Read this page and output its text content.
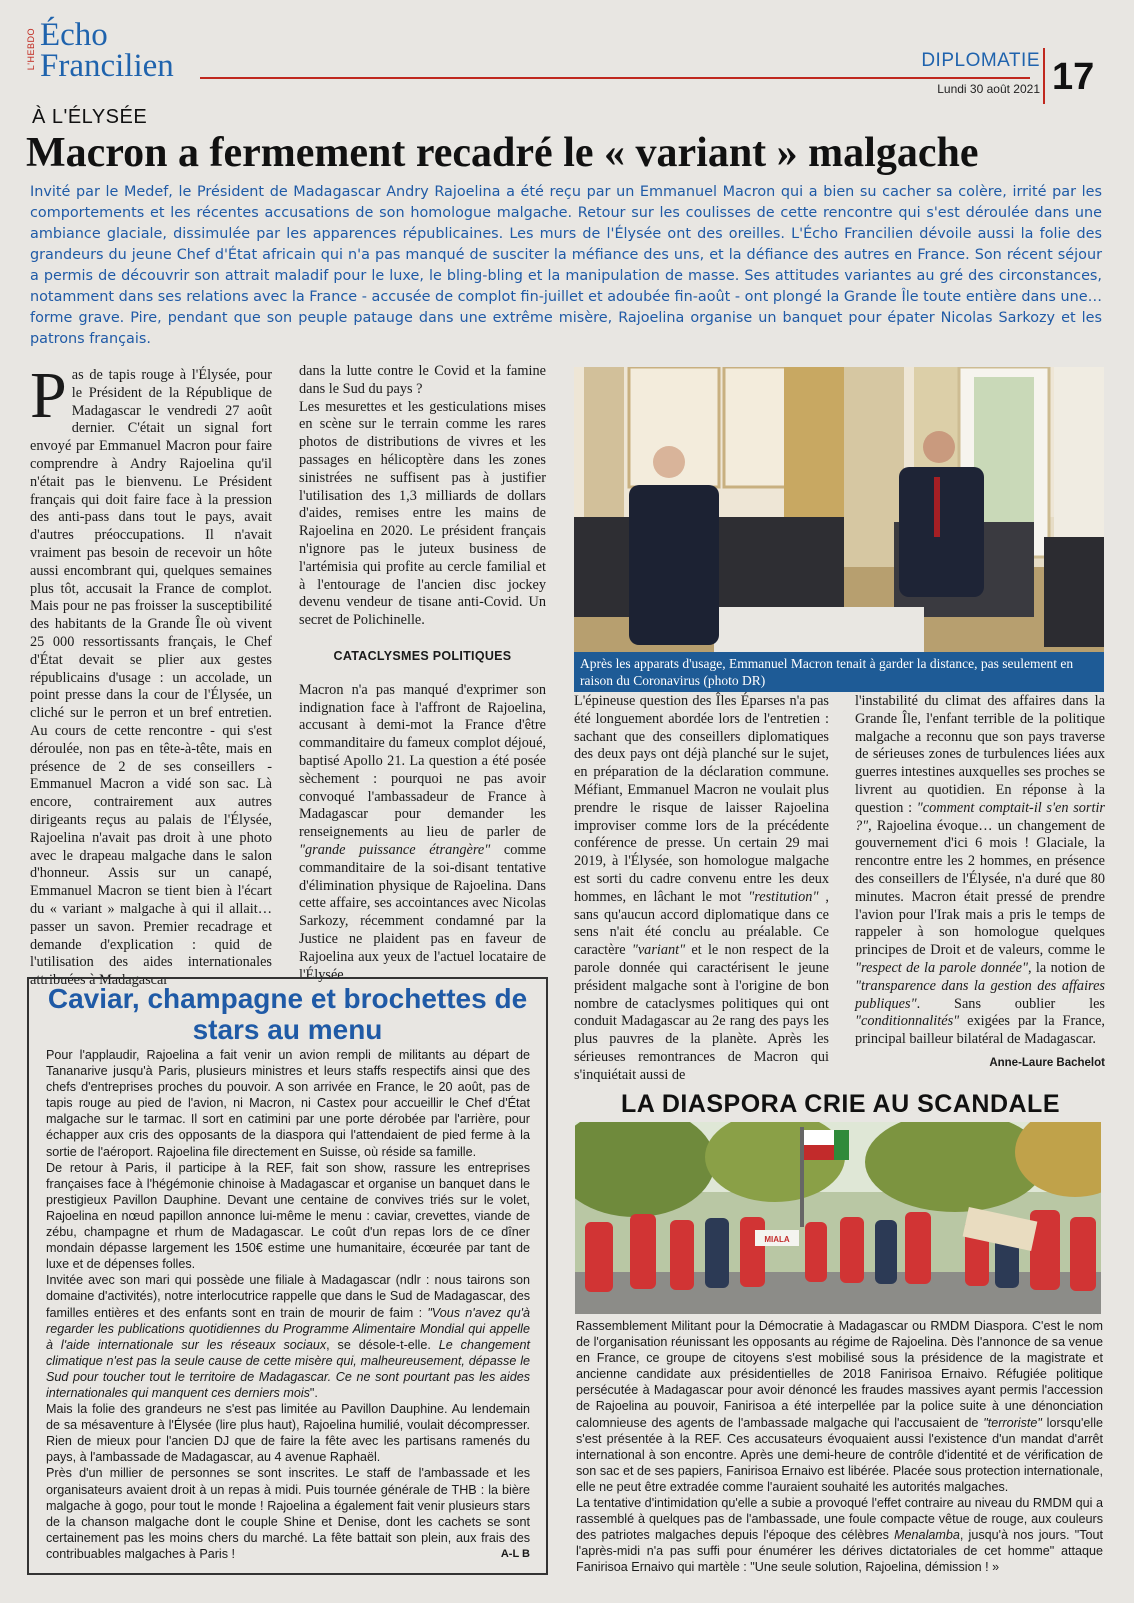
L'HEBDO Écho
Francilien	DIPLOMATIE
Lundi 30 août 2021 17
À L'ÉLYSÉE
Macron a fermement recadré le « variant » malgache
Invité par le Medef, le Président de Madagascar Andry Rajoelina a été reçu par un Emmanuel Macron qui a bien su cacher sa colère, irrité par les comportements et les récentes accusations de son homologue malgache. Retour sur les coulisses de cette rencontre qui s'est déroulée dans une ambiance glaciale, dissimulée par les apparences républicaines. Les murs de l'Élysée ont des oreilles. L'Écho Francilien dévoile aussi la folie des grandeurs du jeune Chef d'État africain qui n'a pas manqué de susciter la méfiance des uns, et la défiance des autres en France. Son récent séjour a permis de découvrir son attrait maladif pour le luxe, le bling-bling et la manipulation de masse. Ses attitudes variantes au gré des circonstances, notamment dans ses relations avec la France - accusée de complot fin-juillet et adoubée fin-août - ont plongé la Grande Île toute entière dans une… forme grave. Pire, pendant que son peuple patauge dans une extrême misère, Rajoelina organise un banquet pour épater Nicolas Sarkozy et les patrons français.
Pas de tapis rouge à l'Élysée, pour le Président de la République de Madagascar le vendredi 27 août dernier. C'était un signal fort envoyé par Emmanuel Macron pour faire comprendre à Andry Rajoelina qu'il n'était pas le bienvenu. Le Président français qui doit faire face à la pression des anti-pass dans tout le pays, avait d'autres préoccupations. Il n'avait vraiment pas besoin de recevoir un hôte aussi encombrant qui, quelques semaines plus tôt, accusait la France de complot. Mais pour ne pas froisser la susceptibilité des habitants de la Grande Île où vivent 25 000 ressortissants français, le Chef d'État devait se plier aux gestes républicains d'usage : un accolade, un point presse dans la cour de l'Élysée, un cliché sur le perron et un bref entretien. Au cours de cette rencontre - qui s'est déroulée, non pas en tête-à-tête, mais en présence de 2 de ses conseillers - Emmanuel Macron a vidé son sac. Là encore, contrairement aux autres dirigeants reçus au palais de l'Élysée, Rajoelina n'avait pas droit à une photo avec le drapeau malgache dans le salon d'honneur. Assis sur un canapé, Emmanuel Macron se tient bien à l'écart du « variant » malgache à qui il allait… passer un savon. Premier recadrage et demande d'explication : quid de l'utilisation des aides internationales attribuées à Madagascar

dans la lutte contre le Covid et la famine dans le Sud du pays ?

Les mesurettes et les gesticulations mises en scène sur le terrain comme les rares photos de distributions de vivres et les passages en hélicoptère dans les zones sinistrées ne suffisent pas à justifier l'utilisation des 1,3 milliards de dollars d'aides, remises entre les mains de Rajoelina en 2020. Le président français n'ignore pas le juteux business de l'artémisia qui profite au cercle familial et à l'entourage de l'ancien disc jockey devenu vendeur de tisane anti-Covid. Un secret de Polichinelle.

CATACLYSMES POLITIQUES

Macron n'a pas manqué d'exprimer son indignation face à l'affront de Rajoelina, accusant à demi-mot la France d'être commanditaire du fameux complot déjoué, baptisé Apollo 21. La question a été posée sèchement : pourquoi ne pas avoir convoqué l'ambassadeur de France à Madagascar pour demander les renseignements au lieu de parler de "grande puissance étrangère" comme commanditaire de la soi-disant tentative d'élimination physique de Rajoelina. Dans cette affaire, ses accointances avec Nicolas Sarkozy, récemment condamné par la Justice ne plaident pas en faveur de Rajoelina aux yeux de l'actuel locataire de l'Élysée.

Après les apparats d'usage, Emmanuel Macron tenait à garder la distance, pas seulement en raison du Coronavirus (photo DR)

L'épineuse question des Îles Éparses n'a pas été longuement abordée lors de l'entretien : sachant que des conseillers diplomatiques des deux pays ont déjà planché sur le sujet, en préparation de la déclaration commune. Méfiant, Emmanuel Macron ne voulait plus prendre le risque de laisser Rajoelina improviser comme lors de la précédente conférence de presse. Un certain 29 mai 2019, à l'Élysée, son homologue malgache est sorti du cadre convenu entre les deux hommes, en lâchant le mot "restitution" , sans qu'aucun accord diplomatique dans ce sens n'ait été conclu au préalable. Ce caractère "variant" et le non respect de la parole donnée qui caractérisent le jeune président malgache sont à l'origine de bon nombre de cataclysmes politiques qui ont conduit Madagascar au 2e rang des pays les plus pauvres de la planète. Après les sérieuses remontrances de Macron qui s'inquiétait aussi de

l'instabilité du climat des affaires dans la Grande Île, l'enfant terrible de la politique malgache a reconnu que son pays traverse de sérieuses zones de turbulences liées aux guerres intestines auxquelles ses proches se livrent au quotidien. En réponse à la question : "comment comptait-il s'en sortir ?", Rajoelina évoque… un changement de gouvernement d'ici 6 mois ! Glaciale, la rencontre entre les 2 hommes, en présence des conseillers de l'Élysée, n'a duré que 80 minutes. Macron était pressé de prendre l'avion pour l'Irak mais a pris le temps de rappeler à son homologue quelques principes de Droit et de valeurs, comme le "respect de la parole donnée", la notion de "transparence dans la gestion des affaires publiques". Sans oublier les "conditionnalités" exigées par la France, principal bailleur bilatéral de Madagascar.

Anne-Laure Bachelot
Caviar, champagne et brochettes de stars au menu

Pour l'applaudir, Rajoelina a fait venir un avion rempli de militants au départ de Tananarive jusqu'à Paris, plusieurs ministres et leurs staffs respectifs ainsi que des chefs d'entreprises proches du pouvoir. A son arrivée en France, le 20 août, pas de tapis rouge au pied de l'avion, ni Macron, ni Castex pour accueillir le Chef d'État malgache sur le tarmac. Il sort en catimini par une porte dérobée par l'arrière, pour échapper aux cris des opposants de la diaspora qui l'attendaient de pied ferme à la sortie de l'aéroport. Rajoelina file directement en Suisse, où réside sa famille.

De retour à Paris, il participe à la REF, fait son show, rassure les entreprises françaises face à l'hégémonie chinoise à Madagascar et organise un banquet dans le prestigieux Pavillon Dauphine. Devant une centaine de convives triés sur le volet, Rajoelina en nœud papillon annonce lui-même le menu : caviar, crevettes, viande de zébu, champagne et rhum de Madagascar. Le coût d'un repas lors de ce dîner mondain dépasse largement les 150€ estime une humanitaire, écœurée par tant de luxe et de dépenses folles.

Invitée avec son mari qui possède une filiale à Madagascar (ndlr : nous tairons son domaine d'activités), notre interlocutrice rappelle que dans le Sud de Madagascar, des familles entières et des enfants sont en train de mourir de faim : "Vous n'avez qu'à regarder les publications quotidiennes du Programme Alimentaire Mondial qui appelle à l'aide internationale sur les réseaux sociaux, se désole-t-elle. Le changement climatique n'est pas la seule cause de cette misère qui, malheureusement, dépasse le Sud pour toucher tout le territoire de Madagascar. Ce ne sont pourtant pas les aides internationales qui manquent ces derniers mois".

Mais la folie des grandeurs ne s'est pas limitée au Pavillon Dauphine. Au lendemain de sa mésaventure à l'Élysée (lire plus haut), Rajoelina humilié, voulait décompresser. Rien de mieux pour l'ancien DJ que de faire la fête avec les partisans ramenés du pays, à l'ambassade de Madagascar, au 4 avenue Raphaël.

Près d'un millier de personnes se sont inscrites. Le staff de l'ambassade et les organisateurs avaient droit à un repas à midi. Puis tournée générale de THB : la bière malgache à gogo, pour tout le monde ! Rajoelina a également fait venir plusieurs stars de la chanson malgache dont le couple Shine et Denise, dont les cachets se sont certainement pas les moins chers du marché. La fête battait son plein, aux frais des contribuables malgaches à Paris !	A-L B
LA DIASPORA CRIE AU SCANDALE
MIALA

Rassemblement Militant pour la Démocratie à Madagascar ou RMDM Diaspora. C'est le nom de l'organisation réunissant les opposants au régime de Rajoelina. Dès l'annonce de sa venue en France, ce groupe de citoyens s'est mobilisé sous la présidence de la magistrate et ancienne candidate aux présidentielles de 2018 Fanirisoa Ernaivo. Réfugiée politique persécutée à Madagascar pour avoir dénoncé les fraudes massives ayant permis l'accession de Rajoelina au pouvoir, Fanirisoa a été interpellée par la police suite à une dénonciation calomnieuse des agents de l'ambassade malgache qui l'accusaient de "terroriste" lorsqu'elle s'est présentée à la REF. Ces accusateurs évoquaient aussi l'existence d'un mandat d'arrêt international à son encontre. Après une demi-heure de contrôle d'identité et de vérification de son sac et de ses papiers, Fanirisoa Ernaivo est libérée. Placée sous protection internationale, elle ne peut être extradée comme l'auraient souhaité les autorités malgaches.

La tentative d'intimidation qu'elle a subie a provoqué l'effet contraire au niveau du RMDM qui a rassemblé à quelques pas de l'ambassade, une foule compacte vêtue de rouge, aux couleurs des patriotes malgaches depuis l'époque des célèbres Menalamba, jusqu'à nos jours. "Tout l'après-midi n'a pas suffi pour énumérer les dérives dictatoriales de cet homme" attaque Fanirisoa Ernaivo qui martèle : "Une seule solution, Rajoelina, démission ! »
